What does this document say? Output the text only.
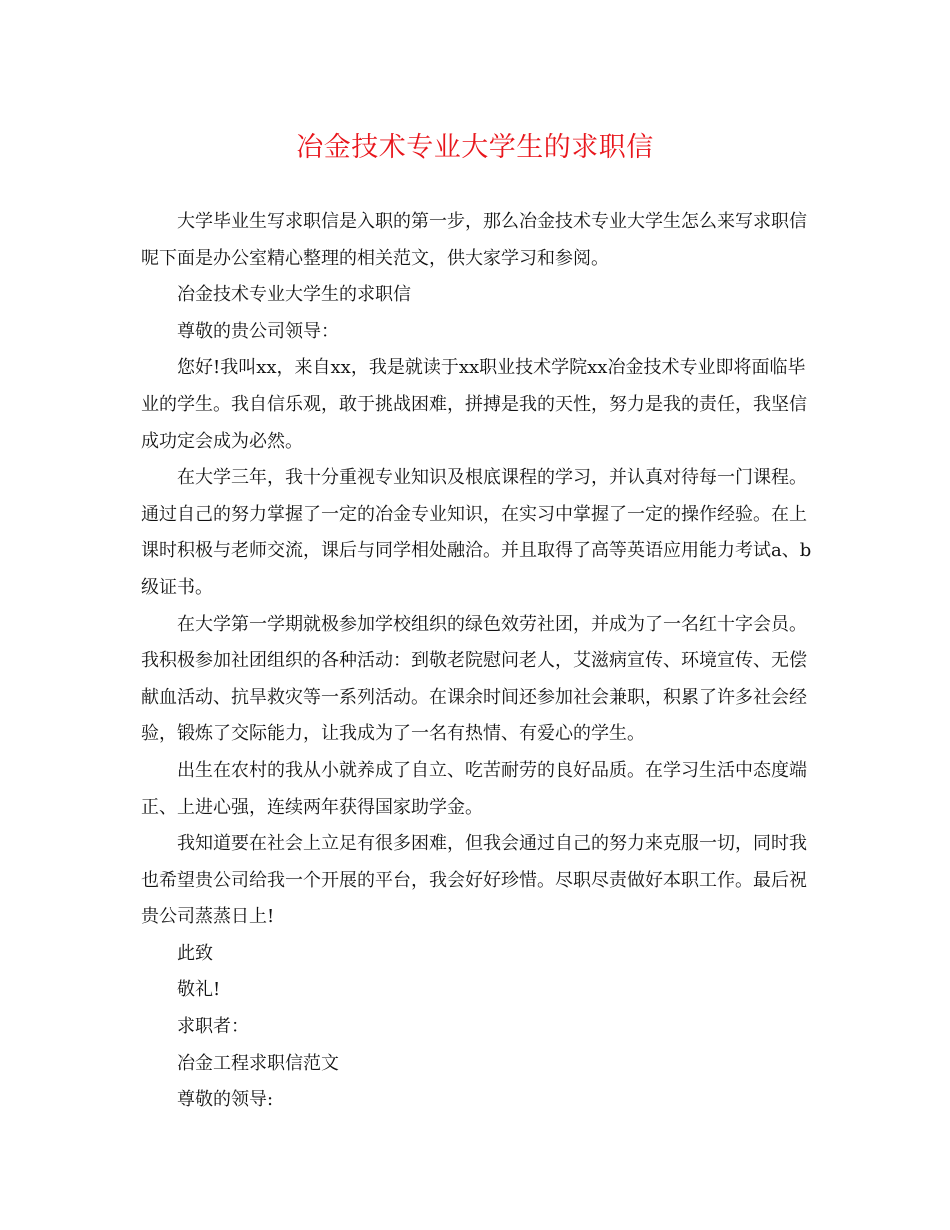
冶金技术专业大学生的求职信

大学毕业生写求职信是入职的第一步，那么冶金技术专业大学生怎么来写求职信呢下面是办公室精心整理的相关范文，供大家学习和参阅。

冶金技术专业大学生的求职信

尊敬的贵公司领导：

您好!我叫xx，来自xx，我是就读于xx职业技术学院xx冶金技术专业即将面临毕业的学生。我自信乐观，敢于挑战困难，拼搏是我的天性，努力是我的责任，我坚信成功定会成为必然。

在大学三年，我十分重视专业知识及根底课程的学习，并认真对待每一门课程。通过自己的努力掌握了一定的冶金专业知识，在实习中掌握了一定的操作经验。在上课时积极与老师交流，课后与同学相处融洽。并且取得了高等英语应用能力考试a、b级证书。

在大学第一学期就极参加学校组织的绿色效劳社团，并成为了一名红十字会员。我积极参加社团组织的各种活动：到敬老院慰问老人，艾滋病宣传、环境宣传、无偿献血活动、抗旱救灾等一系列活动。在课余时间还参加社会兼职，积累了许多社会经验，锻炼了交际能力，让我成为了一名有热情、有爱心的学生。

出生在农村的我从小就养成了自立、吃苦耐劳的良好品质。在学习生活中态度端正、上进心强，连续两年获得国家助学金。

我知道要在社会上立足有很多困难，但我会通过自己的努力来克服一切，同时我也希望贵公司给我一个开展的平台，我会好好珍惜。尽职尽责做好本职工作。最后祝贵公司蒸蒸日上!

此致

敬礼!

求职者：

冶金工程求职信范文

尊敬的领导:
